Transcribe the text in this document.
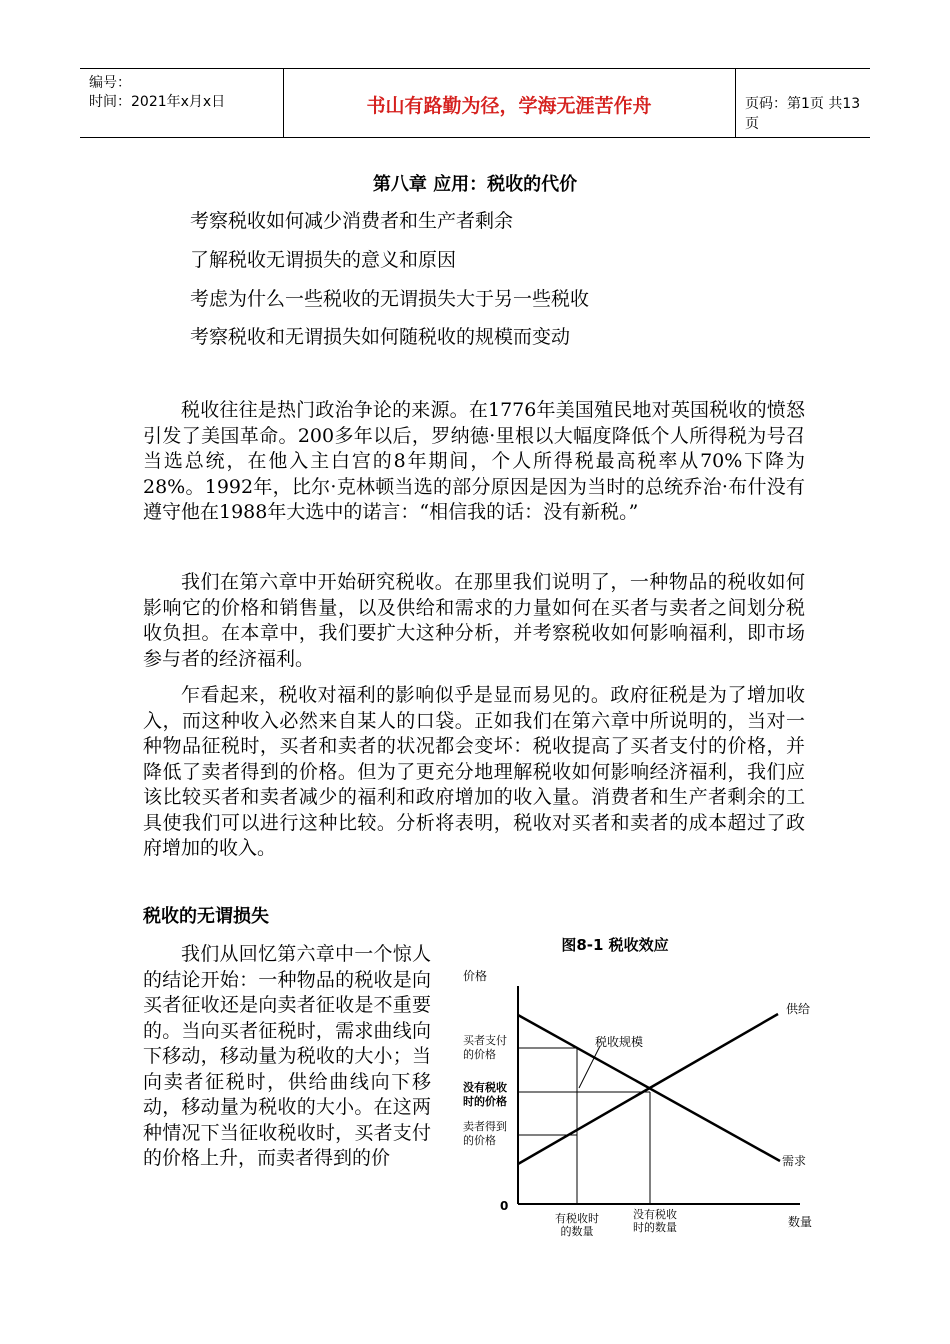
编号：
时间：2021年x月x日	书山有路勤为径，学海无涯苦作舟	页码：第1页 共13页
第八章 应用：税收的代价
考察税收如何减少消费者和生产者剩余
了解税收无谓损失的意义和原因
考虑为什么一些税收的无谓损失大于另一些税收
考察税收和无谓损失如何随税收的规模而变动

税收往往是热门政治争论的来源。在1776年美国殖民地对英国税收的愤怒引发了美国革命。200多年以后，罗纳德·里根以大幅度降低个人所得税为号召当选总统，在他入主白宫的8年期间，个人所得税最高税率从70%下降为28%。1992年，比尔·克林顿当选的部分原因是因为当时的总统乔治·布什没有遵守他在1988年大选中的诺言：“相信我的话：没有新税。”

我们在第六章中开始研究税收。在那里我们说明了，一种物品的税收如何影响它的价格和销售量，以及供给和需求的力量如何在买者与卖者之间划分税收负担。在本章中，我们要扩大这种分析，并考察税收如何影响福利，即市场参与者的经济福利。

乍看起来，税收对福利的影响似乎是显而易见的。政府征税是为了增加收入，而这种收入必然来自某人的口袋。正如我们在第六章中所说明的，当对一种物品征税时，买者和卖者的状况都会变坏：税收提高了买者支付的价格，并降低了卖者得到的价格。但为了更充分地理解税收如何影响经济福利，我们应该比较买者和卖者减少的福利和政府增加的收入量。消费者和生产者剩余的工具使我们可以进行这种比较。分析将表明，税收对买者和卖者的成本超过了政府增加的收入。

税收的无谓损失

我们从回忆第六章中一个惊人的结论开始：一种物品的税收是向买者征收还是向卖者征收是不重要的。当向买者征税时，需求曲线向下移动，移动量为税收的大小；当向卖者征税时，供给曲线向下移动，移动量为税收的大小。在这两种情况下当征收税收时，买者支付的价格上升，而卖者得到的价

图8-1 税收效应
价格
税收规模
供给
需求
买者支付
的价格
没有税收
时的价格
卖者得到
的价格
0
有税收时
的数量
没有税收
时的数量	数量
